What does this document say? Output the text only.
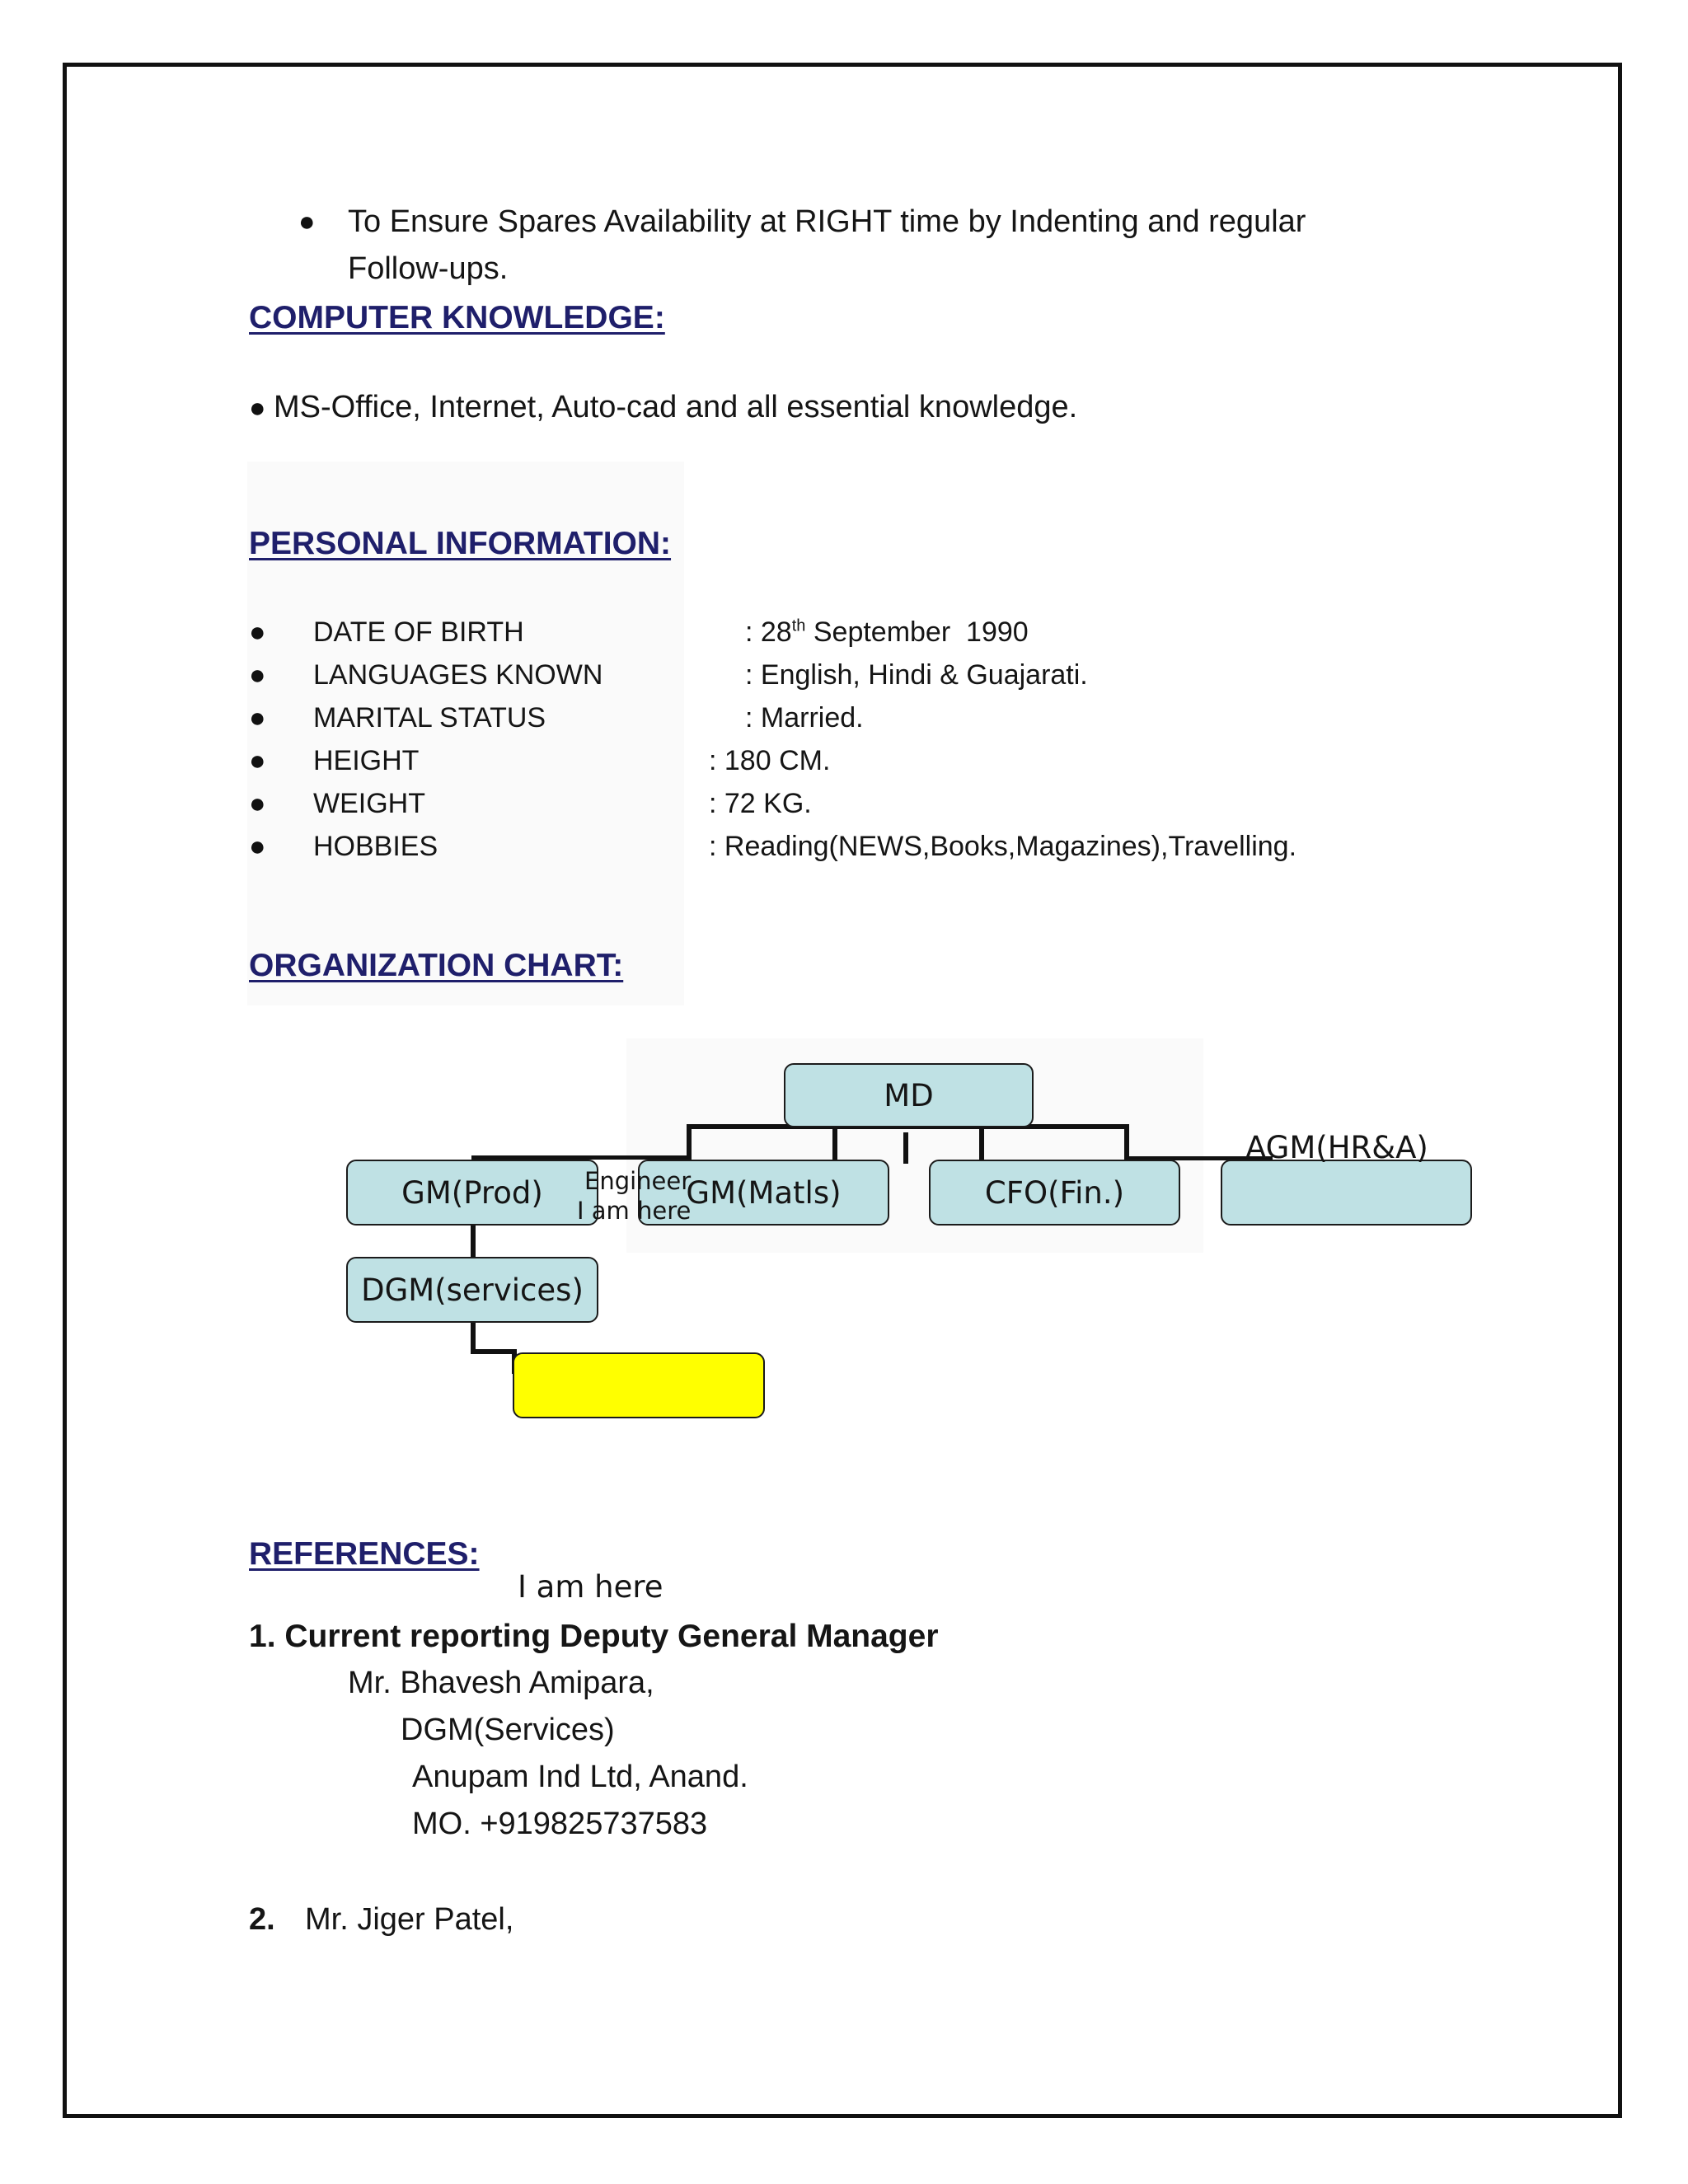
● To Ensure Spares Availability at RIGHT time by Indenting and regular
Follow-ups.
COMPUTER KNOWLEDGE:
● MS-Office, Internet, Auto-cad and all essential knowledge.
PERSONAL INFORMATION:
● DATE OF BIRTH	: 28th September  1990
● LANGUAGES KNOWN	: English, Hindi & Guajarati.
● MARITAL STATUS	: Married.
● HEIGHT	: 180 CM.
● WEIGHT	: 72 KG.
● HOBBIES	: Reading(NEWS,Books,Magazines),Travelling.
ORGANIZATION CHART:
MD
GM(Prod)	GM(Matls)	CFO(Fin.)
DGM(services)
AGM(HR&A)
Engineer
I am here
REFERENCES:
I am here
1. Current reporting Deputy General Manager
Mr. Bhavesh Amipara,
DGM(Services)
Anupam Ind Ltd, Anand.
MO. +919825737583
2. Mr. Jiger Patel,
